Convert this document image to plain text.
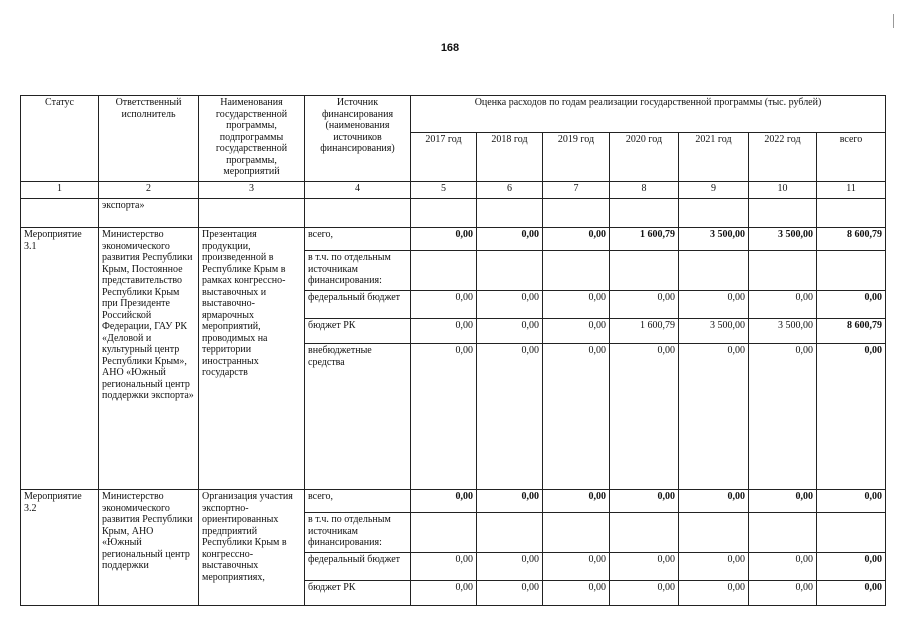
168
Статус	Ответственный исполнитель	Наименования государственной программы, подпрограммы государственной программы, мероприятий	Источник финансирования (наименования источников финансирования)	Оценка расходов по годам реализации государственной программы (тыс. рублей)						
				2017 год	2018 год	2019 год	2020 год	2021 год	2022 год	всего
1	2	3	4	5	6	7	8	9	10	11
	экспорта»									
Мероприятие 3.1	Министерство экономического развития Республики Крым, Постоянное представительство Республики Крым при Президенте Российской Федерации, ГАУ РК «Деловой и культурный центр Республики Крым», АНО «Южный региональный центр поддержки экспорта»	Презентация продукции, произведенной в Республике Крым в рамках конгрессно-выставочных и выставочно-ярмарочных мероприятий, проводимых на территории иностранных государств	всего,	0,00	0,00	0,00	1 600,79	3 500,00	3 500,00	8 600,79
			в т.ч. по отдельным источникам финансирования:							
			федеральный бюджет	0,00	0,00	0,00	0,00	0,00	0,00	0,00
			бюджет РК	0,00	0,00	0,00	1 600,79	3 500,00	3 500,00	8 600,79
			внебюджетные средства	0,00	0,00	0,00	0,00	0,00	0,00	0,00
Мероприятие 3.2	Министерство экономического развития Республики Крым, АНО «Южный региональный центр поддержки	Организация участия экспортно-ориентированных предприятий Республики Крым в конгрессно-выставочных мероприятиях,	всего,	0,00	0,00	0,00	0,00	0,00	0,00	0,00
			в т.ч. по отдельным источникам финансирования:							
			федеральный бюджет	0,00	0,00	0,00	0,00	0,00	0,00	0,00
			бюджет РК	0,00	0,00	0,00	0,00	0,00	0,00	0,00
